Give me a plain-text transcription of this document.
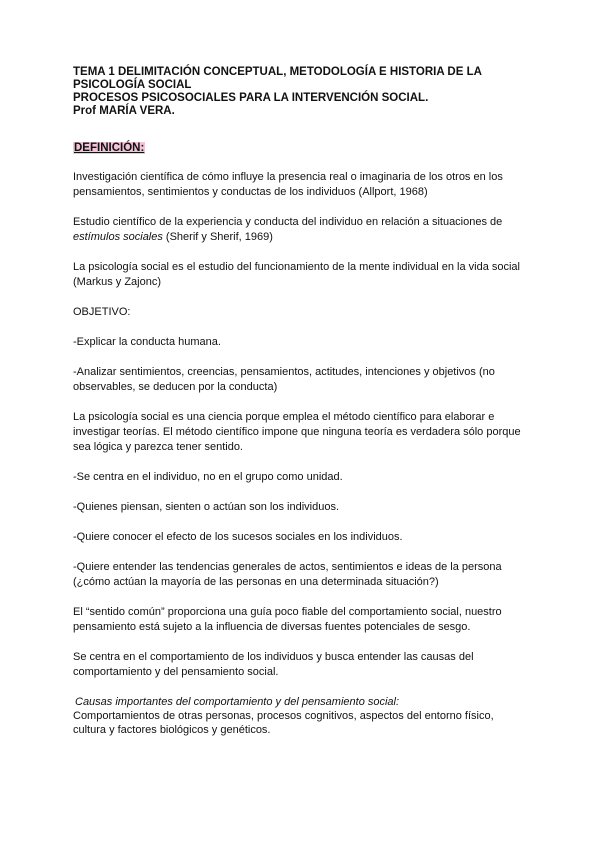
TEMA 1 DELIMITACIÓN CONCEPTUAL, METODOLOGÍA E HISTORIA DE LA
PSICOLOGÍA SOCIAL
PROCESOS PSICOSOCIALES PARA LA INTERVENCIÓN SOCIAL.
Prof MARÍA VERA.
DEFINICIÓN:

Investigación científica de cómo influye la presencia real o imaginaria de los otros en los pensamientos, sentimientos y conductas de los individuos (Allport, 1968)

Estudio científico de la experiencia y conducta del individuo en relación a situaciones de estímulos sociales (Sherif y Sherif, 1969)

La psicología social es el estudio del funcionamiento de la mente individual en la vida social (Markus y Zajonc)

OBJETIVO:

-Explicar la conducta humana.

-Analizar sentimientos, creencias, pensamientos, actitudes, intenciones y objetivos (no observables, se deducen por la conducta)

La psicología social es una ciencia porque emplea el método científico para elaborar e investigar teorías. El método científico impone que ninguna teoría es verdadera sólo porque sea lógica y parezca tener sentido.

-Se centra en el individuo, no en el grupo como unidad.

-Quienes piensan, sienten o actúan son los individuos.

-Quiere conocer el efecto de los sucesos sociales en los individuos.

-Quiere entender las tendencias generales de actos, sentimientos e ideas de la persona (¿cómo actúan la mayoría de las personas en una determinada situación?)

El “sentido común” proporciona una guía poco fiable del comportamiento social, nuestro pensamiento está sujeto a la influencia de diversas fuentes potenciales de sesgo.

Se centra en el comportamiento de los individuos y busca entender las causas del comportamiento y del pensamiento social.

Causas importantes del comportamiento y del pensamiento social:
Comportamientos de otras personas, procesos cognitivos, aspectos del entorno físico,
cultura y factores biológicos y genéticos.
